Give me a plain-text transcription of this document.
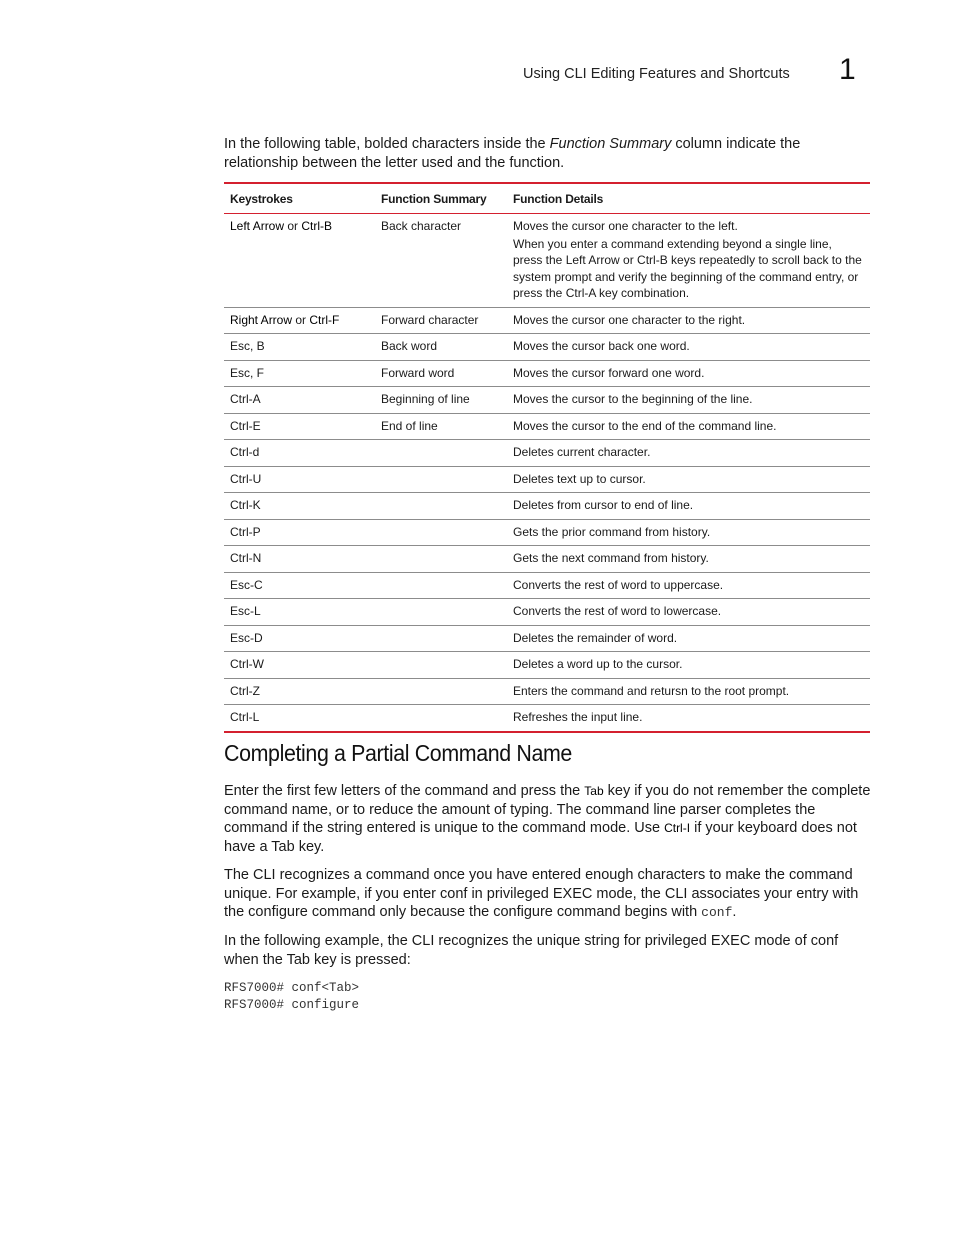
Using CLI Editing Features and Shortcuts 1

In the following table, bolded characters inside the Function Summary column indicate the relationship between the letter used and the function.

Keystrokes	Function Summary	Function Details
Left Arrow or Ctrl-B	Back character	Moves the cursor one character to the left.

When you enter a command extending beyond a single line, press the Left Arrow or Ctrl-B keys repeatedly to scroll back to the system prompt and verify the beginning of the command entry, or press the Ctrl-A key combination.

Right Arrow or Ctrl-F	Forward character	Moves the cursor one character to the right.

Esc, B	Back word	Moves the cursor back one word.

Esc, F	Forward word	Moves the cursor forward one word.

Ctrl-A	Beginning of line	Moves the cursor to the beginning of the line.

Ctrl-E	End of line	Moves the cursor to the end of the command line.

Ctrl-d		Deletes current character.

Ctrl-U		Deletes text up to cursor.

Ctrl-K		Deletes from cursor to end of line.

Ctrl-P		Gets the prior command from history.

Ctrl-N		Gets the next command from history.

Esc-C		Converts the rest of word to uppercase.

Esc-L		Converts the rest of word to lowercase.

Esc-D		Deletes the remainder of word.

Ctrl-W		Deletes a word up to the cursor.

Ctrl-Z		Enters the command and retursn to the root prompt.

Ctrl-L		Refreshes the input line.

Completing a Partial Command Name

Enter the first few letters of the command and press the Tab key if you do not remember the complete command name, or to reduce the amount of typing. The command line parser completes the command if the string entered is unique to the command mode. Use Ctrl-I if your keyboard does not have a Tab key.

The CLI recognizes a command once you have entered enough characters to make the command unique. For example, if you enter conf in privileged EXEC mode, the CLI associates your entry with the configure command only because the configure command begins with conf.

In the following example, the CLI recognizes the unique string for privileged EXEC mode of conf when the Tab key is pressed:

RFS7000# conf<Tab>
RFS7000# configure
